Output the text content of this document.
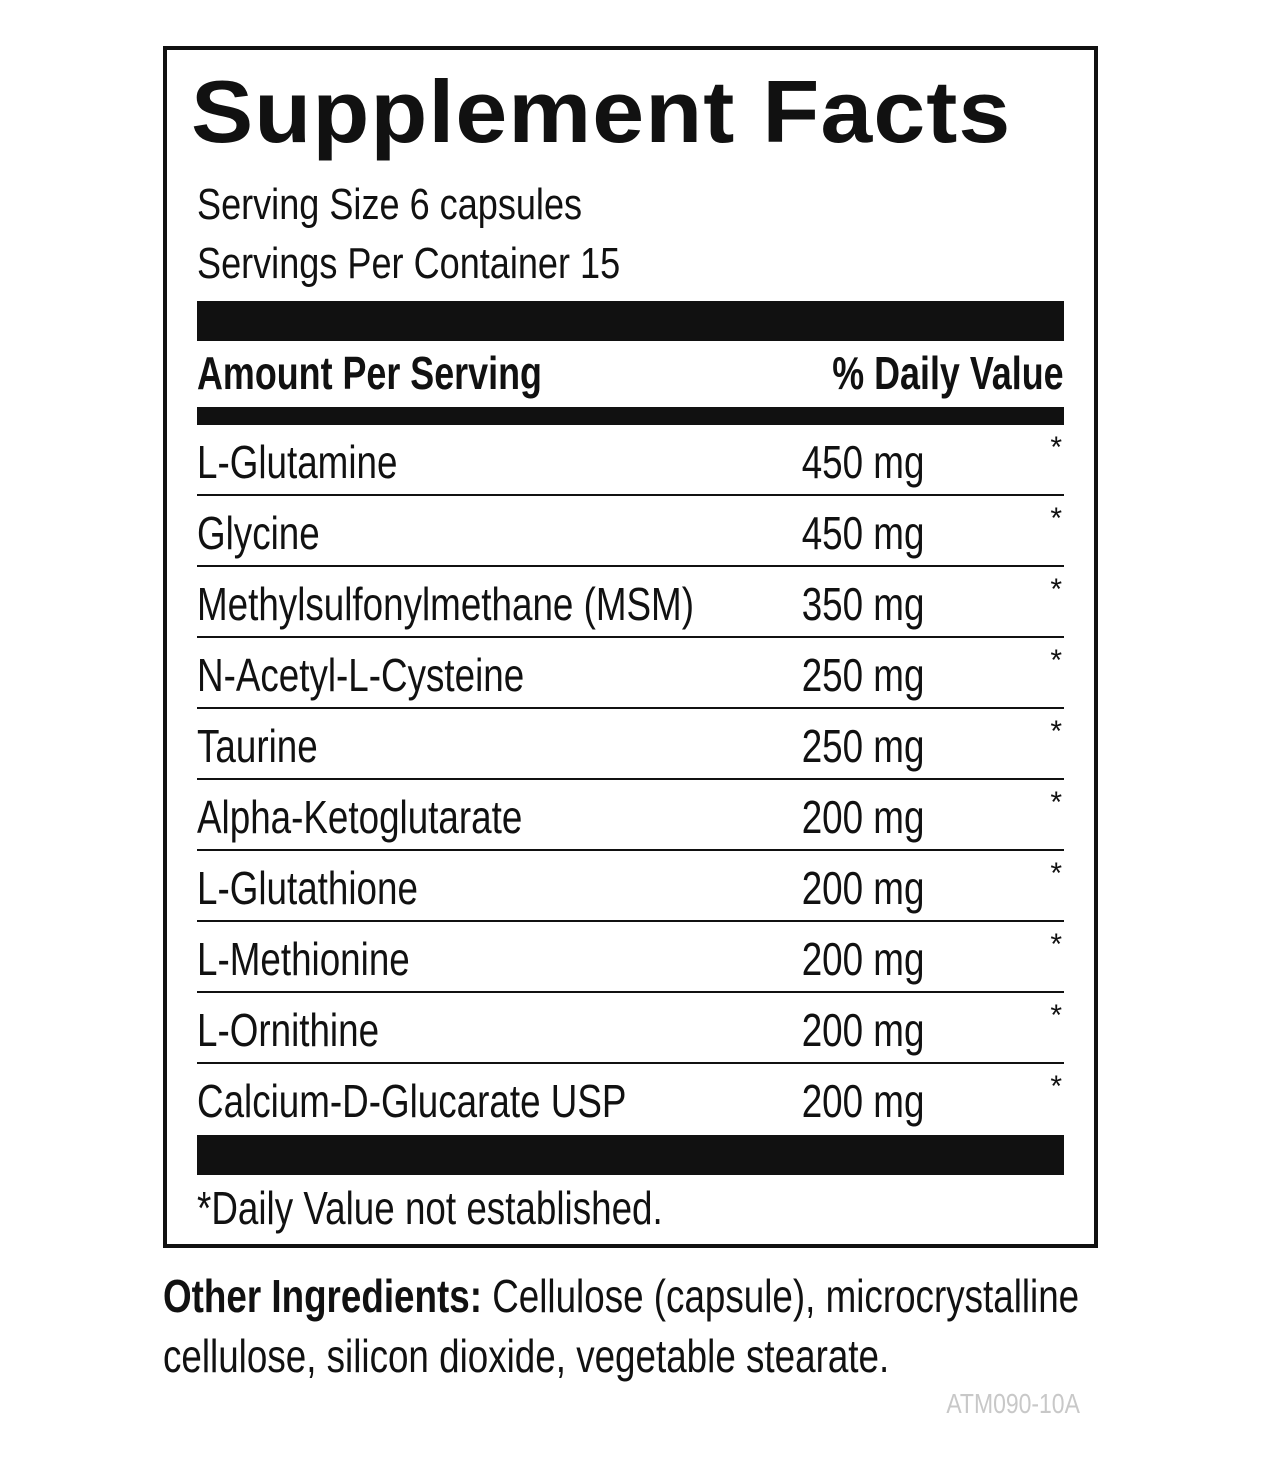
Supplement Facts
Serving Size 6 capsules
Servings Per Container 15
Amount Per Serving	% Daily Value
L-Glutamine	450 mg	*
Glycine	450 mg	*
Methylsulfonylmethane (MSM) 350 mg	*
N-Acetyl-L-Cysteine	250 mg	*
Taurine	250 mg	*
Alpha-Ketoglutarate	200 mg	*
L-Glutathione	200 mg	*
L-Methionine	200 mg	*
L-Ornithine	200 mg	*
Calcium-D-Glucarate USP	200 mg	*
*Daily Value not established.
Other Ingredients: Cellulose (capsule), microcrystalline cellulose, silicon dioxide, vegetable stearate.
ATM090-10A
